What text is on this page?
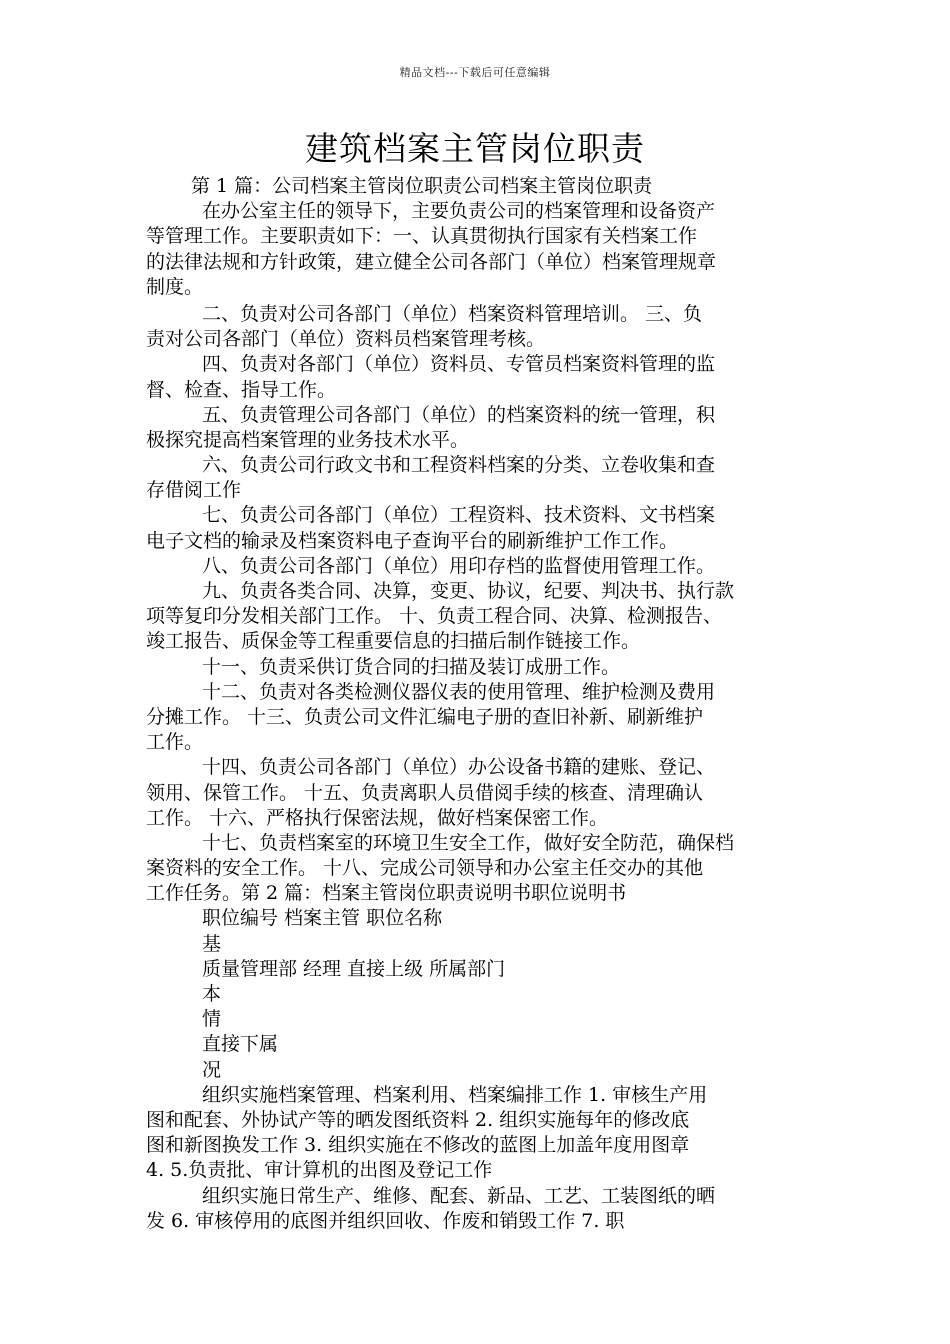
精品文档---下载后可任意编辑
建筑档案主管岗位职责
第 1 篇：公司档案主管岗位职责公司档案主管岗位职责
在办公室主任的领导下，主要负责公司的档案管理和设备资产
等管理工作。主要职责如下：一、认真贯彻执行国家有关档案工作
的法律法规和方针政策，建立健全公司各部门（单位）档案管理规章
制度。
二、负责对公司各部门（单位）档案资料管理培训。 三、负
责对公司各部门（单位）资料员档案管理考核。
四、负责对各部门（单位）资料员、专管员档案资料管理的监
督、检查、指导工作。
五、负责管理公司各部门（单位）的档案资料的统一管理，积
极探究提高档案管理的业务技术水平。
六、负责公司行政文书和工程资料档案的分类、立卷收集和查
存借阅工作
七、负责公司各部门（单位）工程资料、技术资料、文书档案
电子文档的输录及档案资料电子查询平台的刷新维护工作工作。
八、负责公司各部门（单位）用印存档的监督使用管理工作。
九、负责各类合同、决算，变更、协议，纪要、判决书、执行款
项等复印分发相关部门工作。 十、负责工程合同、决算、检测报告、
竣工报告、质保金等工程重要信息的扫描后制作链接工作。
十一、负责采供订货合同的扫描及装订成册工作。
十二、负责对各类检测仪器仪表的使用管理、维护检测及费用
分摊工作。 十三、负责公司文件汇编电子册的查旧补新、刷新维护
工作。
十四、负责公司各部门（单位）办公设备书籍的建账、登记、
领用、保管工作。 十五、负责离职人员借阅手续的核查、清理确认
工作。 十六、严格执行保密法规，做好档案保密工作。
十七、负责档案室的环境卫生安全工作，做好安全防范，确保档
案资料的安全工作。 十八、完成公司领导和办公室主任交办的其他
工作任务。第 2 篇：档案主管岗位职责说明书职位说明书
职位编号 档案主管 职位名称
基
质量管理部 经理 直接上级 所属部门
本
情
直接下属
况
组织实施档案管理、档案利用、档案编排工作 1. 审核生产用
图和配套、外协试产等的晒发图纸资料 2. 组织实施每年的修改底
图和新图换发工作 3. 组织实施在不修改的蓝图上加盖年度用图章
4. 5.负责批、审计算机的出图及登记工作
组织实施日常生产、维修、配套、新品、工艺、工装图纸的晒
发 6. 审核停用的底图并组织回收、作废和销毁工作 7. 职
